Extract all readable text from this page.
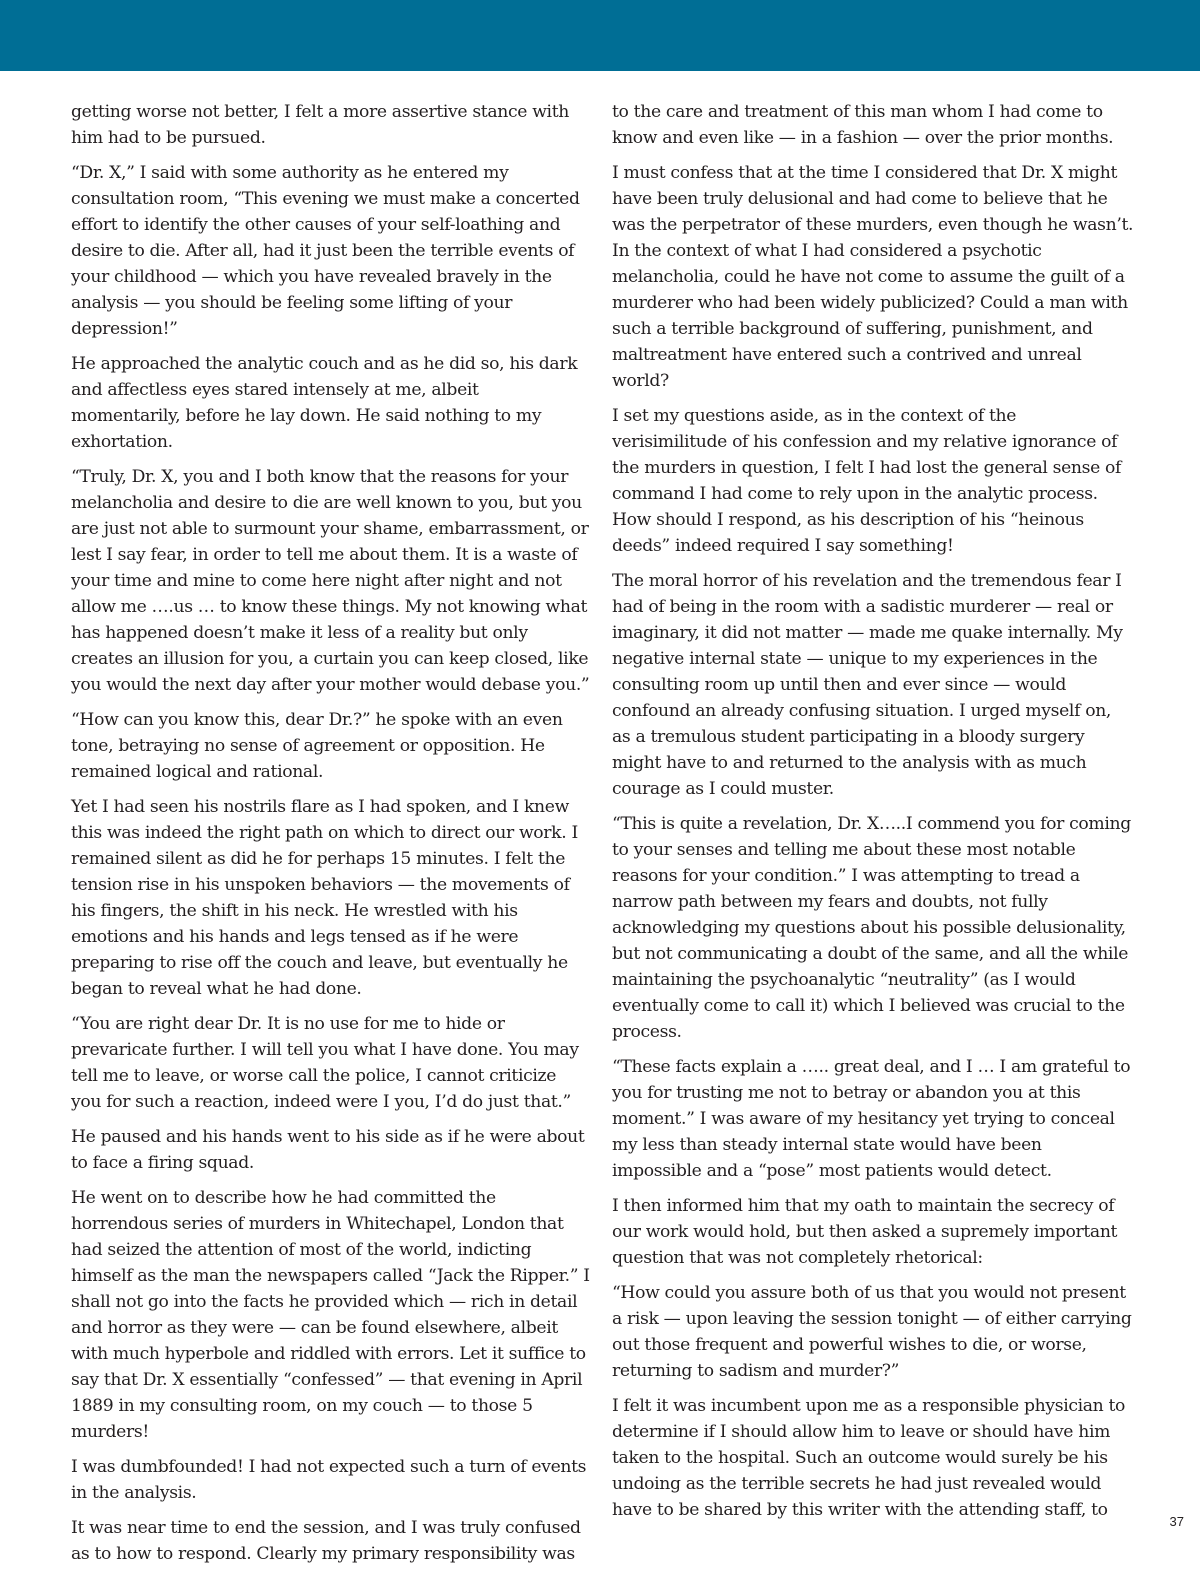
getting worse not better, I felt a more assertive stance with him had to be pursued.

“Dr. X,” I said with some authority as he entered my consultation room, “This evening we must make a concerted effort to identify the other causes of your self-loathing and desire to die. After all, had it just been the terrible events of your childhood — which you have revealed bravely in the analysis — you should be feeling some lifting of your depression!”

He approached the analytic couch and as he did so, his dark and affectless eyes stared intensely at me, albeit momentarily, before he lay down. He said nothing to my exhortation.

“Truly, Dr. X, you and I both know that the reasons for your melancholia and desire to die are well known to you, but you are just not able to surmount your shame, embarrassment, or lest I say fear, in order to tell me about them. It is a waste of your time and mine to come here night after night and not allow me ….us … to know these things. My not knowing what has happened doesn’t make it less of a reality but only creates an illusion for you, a curtain you can keep closed, like you would the next day after your mother would debase you.”

“How can you know this, dear Dr.?” he spoke with an even tone, betraying no sense of agreement or opposition. He remained logical and rational.

Yet I had seen his nostrils flare as I had spoken, and I knew this was indeed the right path on which to direct our work. I remained silent as did he for perhaps 15 minutes. I felt the tension rise in his unspoken behaviors — the movements of his fingers, the shift in his neck. He wrestled with his emotions and his hands and legs tensed as if he were preparing to rise off the couch and leave, but eventually he began to reveal what he had done.

“You are right dear Dr. It is no use for me to hide or prevaricate further. I will tell you what I have done. You may tell me to leave, or worse call the police, I cannot criticize you for such a reaction, indeed were I you, I’d do just that.”

He paused and his hands went to his side as if he were about to face a firing squad.

He went on to describe how he had committed the horrendous series of murders in Whitechapel, London that had seized the attention of most of the world, indicting himself as the man the newspapers called “Jack the Ripper.” I shall not go into the facts he provided which — rich in detail and horror as they were — can be found elsewhere, albeit with much hyperbole and riddled with errors. Let it suffice to say that Dr. X essentially “confessed” — that evening in April 1889 in my consulting room, on my couch — to those 5 murders!

I was dumbfounded! I had not expected such a turn of events in the analysis.

It was near time to end the session, and I was truly confused as to how to respond. Clearly my primary responsibility was

to the care and treatment of this man whom I had come to know and even like — in a fashion — over the prior months.

I must confess that at the time I considered that Dr. X might have been truly delusional and had come to believe that he was the perpetrator of these murders, even though he wasn’t. In the context of what I had considered a psychotic melancholia, could he have not come to assume the guilt of a murderer who had been widely publicized? Could a man with such a terrible background of suffering, punishment, and maltreatment have entered such a contrived and unreal world?

I set my questions aside, as in the context of the verisimilitude of his confession and my relative ignorance of the murders in question, I felt I had lost the general sense of command I had come to rely upon in the analytic process. How should I respond, as his description of his “heinous deeds” indeed required I say something!

The moral horror of his revelation and the tremendous fear I had of being in the room with a sadistic murderer — real or imaginary, it did not matter — made me quake internally. My negative internal state — unique to my experiences in the consulting room up until then and ever since — would confound an already confusing situation. I urged myself on, as a tremulous student participating in a bloody surgery might have to and returned to the analysis with as much courage as I could muster.

“This is quite a revelation, Dr. X…..I commend you for coming to your senses and telling me about these most notable reasons for your condition.” I was attempting to tread a narrow path between my fears and doubts, not fully acknowledging my questions about his possible delusionality, but not communicating a doubt of the same, and all the while maintaining the psychoanalytic “neutrality” (as I would eventually come to call it) which I believed was crucial to the process.

“These facts explain a ….. great deal, and I … I am grateful to you for trusting me not to betray or abandon you at this moment.” I was aware of my hesitancy yet trying to conceal my less than steady internal state would have been impossible and a “pose” most patients would detect.

I then informed him that my oath to maintain the secrecy of our work would hold, but then asked a supremely important question that was not completely rhetorical:

“How could you assure both of us that you would not present a risk — upon leaving the session tonight — of either carrying out those frequent and powerful wishes to die, or worse, returning to sadism and murder?”

I felt it was incumbent upon me as a responsible physician to determine if I should allow him to leave or should have him taken to the hospital. Such an outcome would surely be his undoing as the terrible secrets he had just revealed would have to be shared by this writer with the attending staff, to

37
